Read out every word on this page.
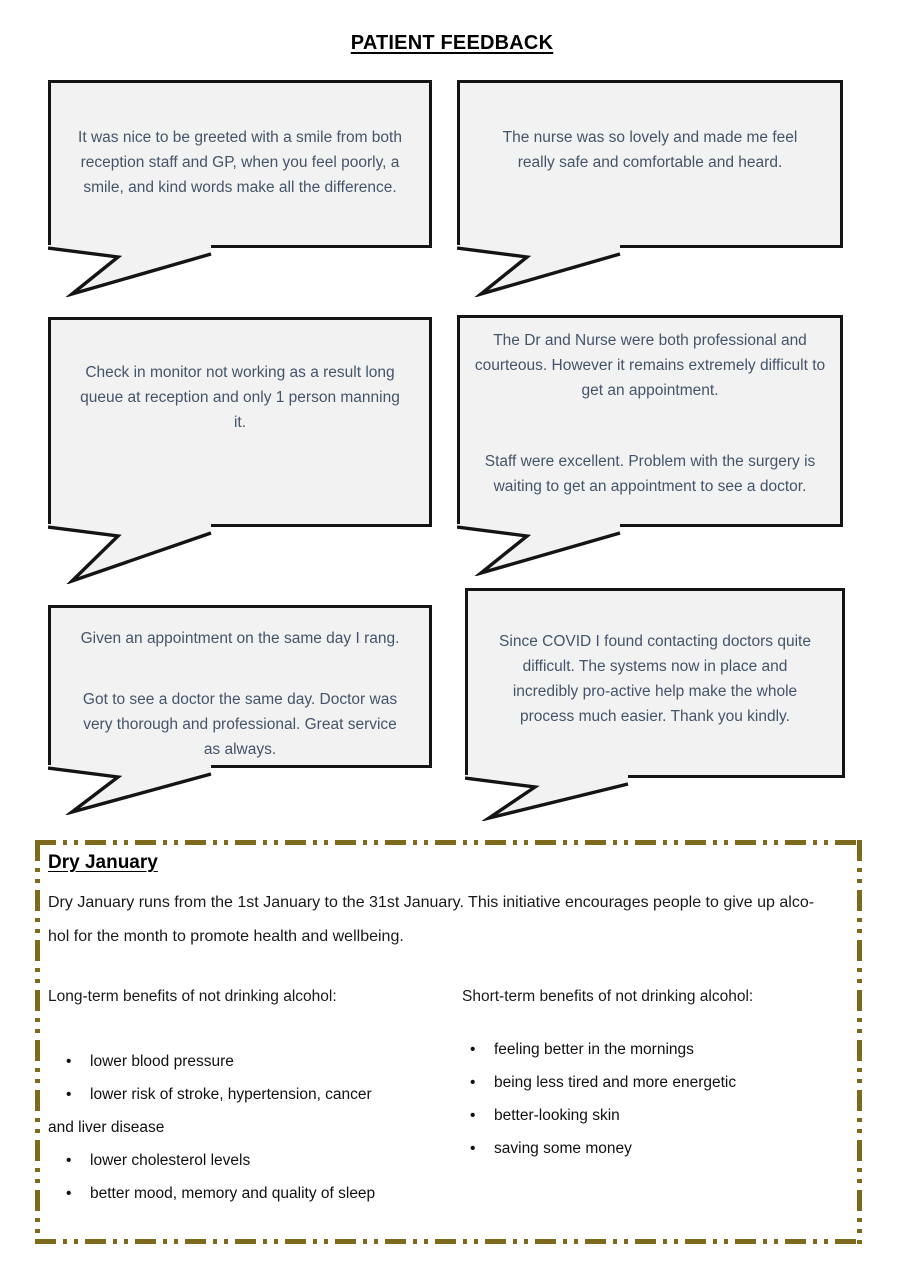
PATIENT FEEDBACK

It was nice to be greeted with a smile from both reception staff and GP, when you feel poorly, a smile, and kind words make all the difference.

The nurse was so lovely and made me feel really safe and comfortable and heard.

Check in monitor not working as a result long queue at reception and only 1 person manning it.

The Dr and Nurse were both professional and courteous. However it remains extremely difficult to get an appointment.

Staff were excellent. Problem with the surgery is waiting to get an appointment to see a doctor.

Given an appointment on the same day I rang.

Got to see a doctor the same day. Doctor was very thorough and professional. Great service as always.

Since COVID I found contacting doctors quite difficult. The systems now in place and incredibly pro-active help make the whole process much easier. Thank you kindly.

Dry January
Dry January runs from the 1st January to the 31st January. This initiative encourages people to give up alco-
hol for the month to promote health and wellbeing.
Long-term benefits of not drinking alcohol:	Short-term benefits of not drinking alcohol:
•	lower blood pressure
•	lower risk of stroke, hypertension, cancer
and liver disease
•	lower cholesterol levels
•	better mood, memory and quality of sleep
•	feeling better in the mornings
•	being less tired and more energetic
•	better-looking skin
•	saving some money
